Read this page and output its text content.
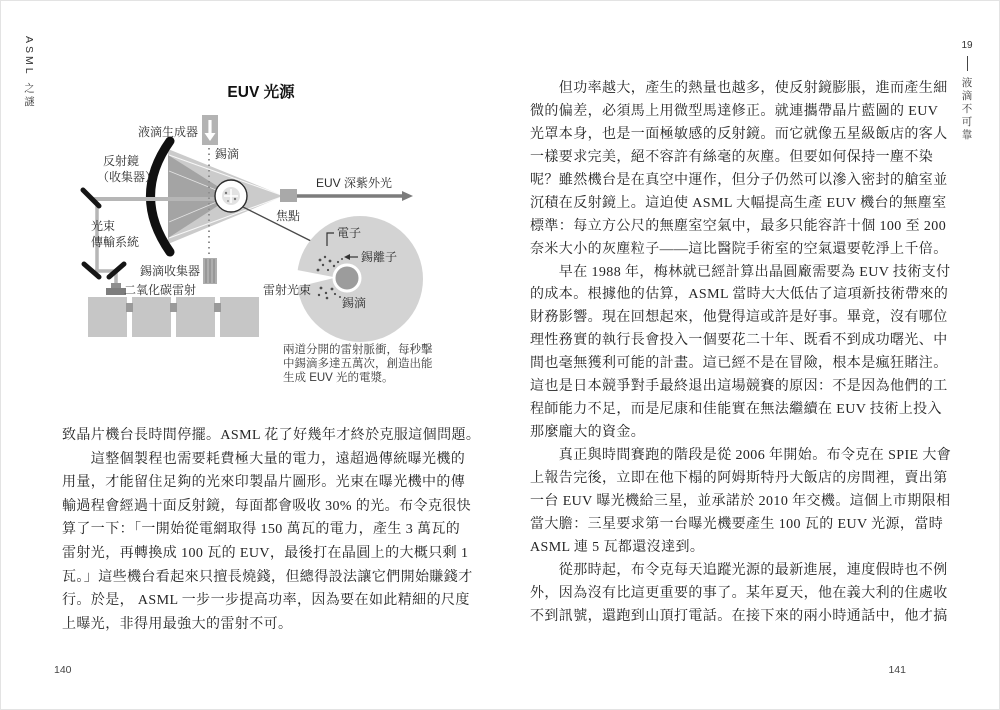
ASML 之謎	19
液滴不可靠
EUV 光源
液滴生成器
錫滴
反射鏡
（收集器）
光束
傳輸系統
錫滴收集器
二氧化碳雷射
焦點
EUV 深紫外光
電子
錫離子
雷射光束
錫滴
兩道分開的雷射脈衝，每秒擊
中錫滴多達五萬次，創造出能
生成 EUV 光的電漿。
致晶片機台長時間停擺。ASML 花了好幾年才終於克服這個問題。
　　這整個製程也需要耗費極大量的電力，遠超過傳統曝光機的
用量，才能留住足夠的光來印製晶片圖形。光束在曝光機中的傳
輸過程會經過十面反射鏡，每面都會吸收 30% 的光。布令克很快
算了一下：「一開始從電網取得 150 萬瓦的電力，產生 3 萬瓦的
雷射光，再轉換成 100 瓦的 EUV，最後打在晶圓上的大概只剩 1
瓦。」這些機台看起來只擅長燒錢，但總得設法讓它們開始賺錢才
行。於是， ASML 一步一步提高功率，因為要在如此精細的尺度
上曝光，非得用最強大的雷射不可。
　　但功率越大，產生的熱量也越多，使反射鏡膨脹，進而產生細
微的偏差，必須馬上用微型馬達修正。就連攜帶晶片藍圖的 EUV
光罩本身，也是一面極敏感的反射鏡。而它就像五星級飯店的客人
一樣要求完美，絕不容許有絲毫的灰塵。但要如何保持一塵不染
呢？雖然機台是在真空中運作，但分子仍然可以滲入密封的艙室並
沉積在反射鏡上。這迫使 ASML 大幅提高生產 EUV 機台的無塵室
標準：每立方公尺的無塵室空氣中，最多只能容許十個 100 至 200
奈米大小的灰塵粒子——這比醫院手術室的空氣還要乾淨上千倍。
　　早在 1988 年，梅林就已經計算出晶圓廠需要為 EUV 技術支付
的成本。根據他的估算，ASML 當時大大低估了這項新技術帶來的
財務影響。現在回想起來，他覺得這或許是好事。畢竟，沒有哪位
理性務實的執行長會投入一個要花二十年、既看不到成功曙光、中
間也毫無獲利可能的計畫。這已經不是在冒險，根本是瘋狂賭注。
這也是日本競爭對手最終退出這場競賽的原因：不是因為他們的工
程師能力不足，而是尼康和佳能實在無法繼續在 EUV 技術上投入
那麼龐大的資金。
　　真正與時間賽跑的階段是從 2006 年開始。布令克在 SPIE 大會
上報告完後，立即在他下榻的阿姆斯特丹大飯店的房間裡，賣出第
一台 EUV 曝光機給三星，並承諾於 2010 年交機。這個上市期限相
當大膽：三星要求第一台曝光機要產生 100 瓦的 EUV 光源，當時
ASML 連 5 瓦都還沒達到。
　　從那時起，布令克每天追蹤光源的最新進展，連度假時也不例
外，因為沒有比這更重要的事了。某年夏天，他在義大利的住處收
不到訊號，還跑到山頂打電話。在接下來的兩小時通話中，他才搞
140	141
